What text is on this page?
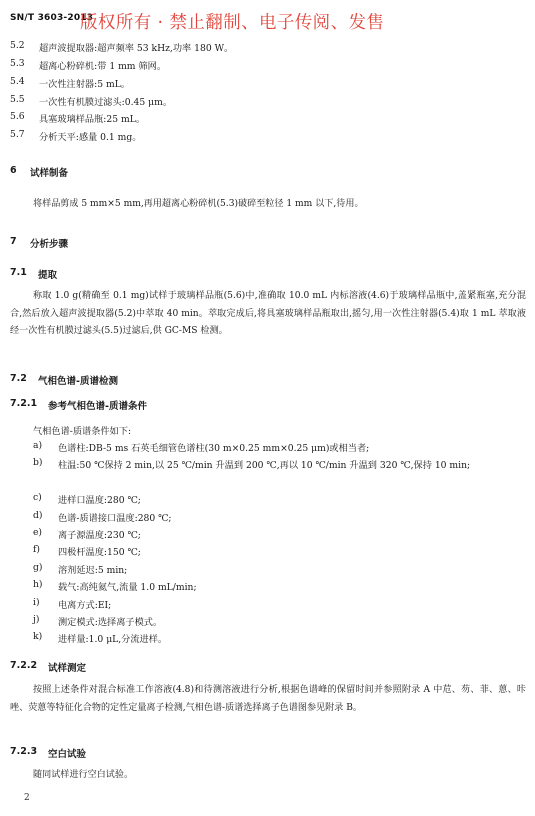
SN/T 3603-2013
版权所有 · 禁止翻制、电子传阅、发售
5.2	超声波提取器:超声频率 53 kHz,功率 180 W。
5.3	超离心粉碎机:带 1 mm 筛网。
5.4	一次性注射器:5 mL。
5.5	一次性有机膜过滤头:0.45 μm。
5.6	具塞玻璃样品瓶:25 mL。
5.7	分析天平:感量 0.1 mg。
6 试样制备

将样品剪成 5 mm×5 mm,再用超离心粉碎机(5.3)破碎至粒径 1 mm 以下,待用。

7 分析步骤
7.1 提取

称取 1.0 g(精确至 0.1 mg)试样于玻璃样品瓶(5.6)中,准确取 10.0 mL 内标溶液(4.6)于玻璃样品瓶中,盖紧瓶塞,充分混合,然后放入超声波提取器(5.2)中萃取 40 min。萃取完成后,将具塞玻璃样品瓶取出,摇匀,用一次性注射器(5.4)取 1 mL 萃取液经一次性有机膜过滤头(5.5)过滤后,供 GC-MS 检测。

7.2 气相色谱-质谱检测
7.2.1 参考气相色谱-质谱条件
气相色谱-质谱条件如下:
a) 色谱柱:DB-5 ms 石英毛细管色谱柱(30 m×0.25 mm×0.25 μm)或相当者;
b) 柱温:50 ℃保持 2 min,以 25 ℃/min 升温到 200 ℃,再以 10 ℃/min 升温到 320 ℃,保持 10 min;
c) 进样口温度:280 ℃;
d) 色谱-质谱接口温度:280 ℃;
e) 离子源温度:230 ℃;
f) 四极杆温度:150 ℃;
g) 溶剂延迟:5 min;
h) 载气:高纯氦气,流量 1.0 mL/min;
i) 电离方式:EI;
j) 测定模式:选择离子模式。
k) 进样量:1.0 μL,分流进样。
7.2.2 试样测定

按照上述条件对混合标准工作溶液(4.8)和待测溶液进行分析,根据色谱峰的保留时间并参照附录 A 中苊、芴、菲、蒽、咔唑、荧蒽等特征化合物的定性定量离子检测,气相色谱-质谱选择离子色谱图参见附录 B。

7.2.3 空白试验

随同试样进行空白试验。

2
